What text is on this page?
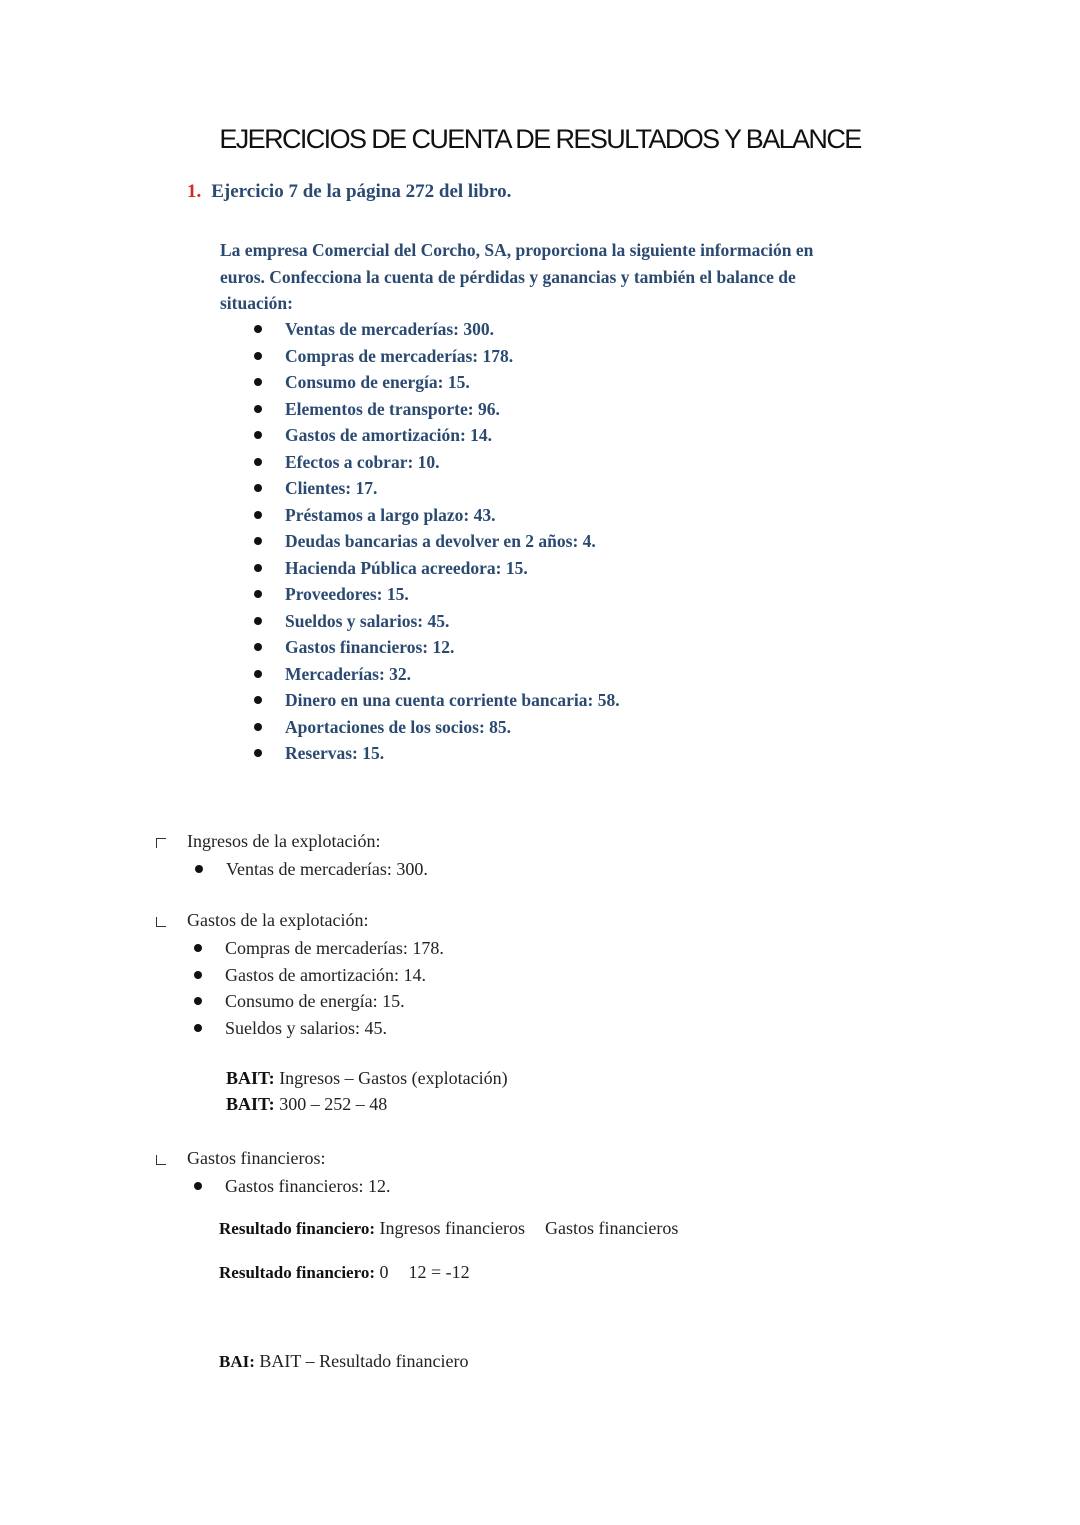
EJERCICIOS DE CUENTA DE RESULTADOS Y BALANCE
1. Ejercicio 7 de la página 272 del libro.
La empresa Comercial del Corcho, SA, proporciona la siguiente información en
euros. Confecciona la cuenta de pérdidas y ganancias y también el balance de
situación:
Ventas de mercaderías: 300.
Compras de mercaderías: 178.
Consumo de energía: 15.
Elementos de transporte: 96.
Gastos de amortización: 14.
Efectos a cobrar: 10.
Clientes: 17.
Préstamos a largo plazo: 43.
Deudas bancarias a devolver en 2 años: 4.
Hacienda Pública acreedora: 15.
Proveedores: 15.
Sueldos y salarios: 45.
Gastos financieros: 12.
Mercaderías: 32.
Dinero en una cuenta corriente bancaria: 58.
Aportaciones de los socios: 85.
Reservas: 15.
Ingresos de la explotación:
Ventas de mercaderías: 300.
Gastos de la explotación:
Compras de mercaderías: 178.
Gastos de amortización: 14.
Consumo de energía: 15.
Sueldos y salarios: 45.
BAIT: Ingresos – Gastos (explotación)
BAIT: 300 – 252 – 48
Gastos financieros:
Gastos financieros: 12.
Resultado financiero: Ingresos financieros Gastos financieros
Resultado financiero: 0 12 = -12
BAI: BAIT – Resultado financiero
